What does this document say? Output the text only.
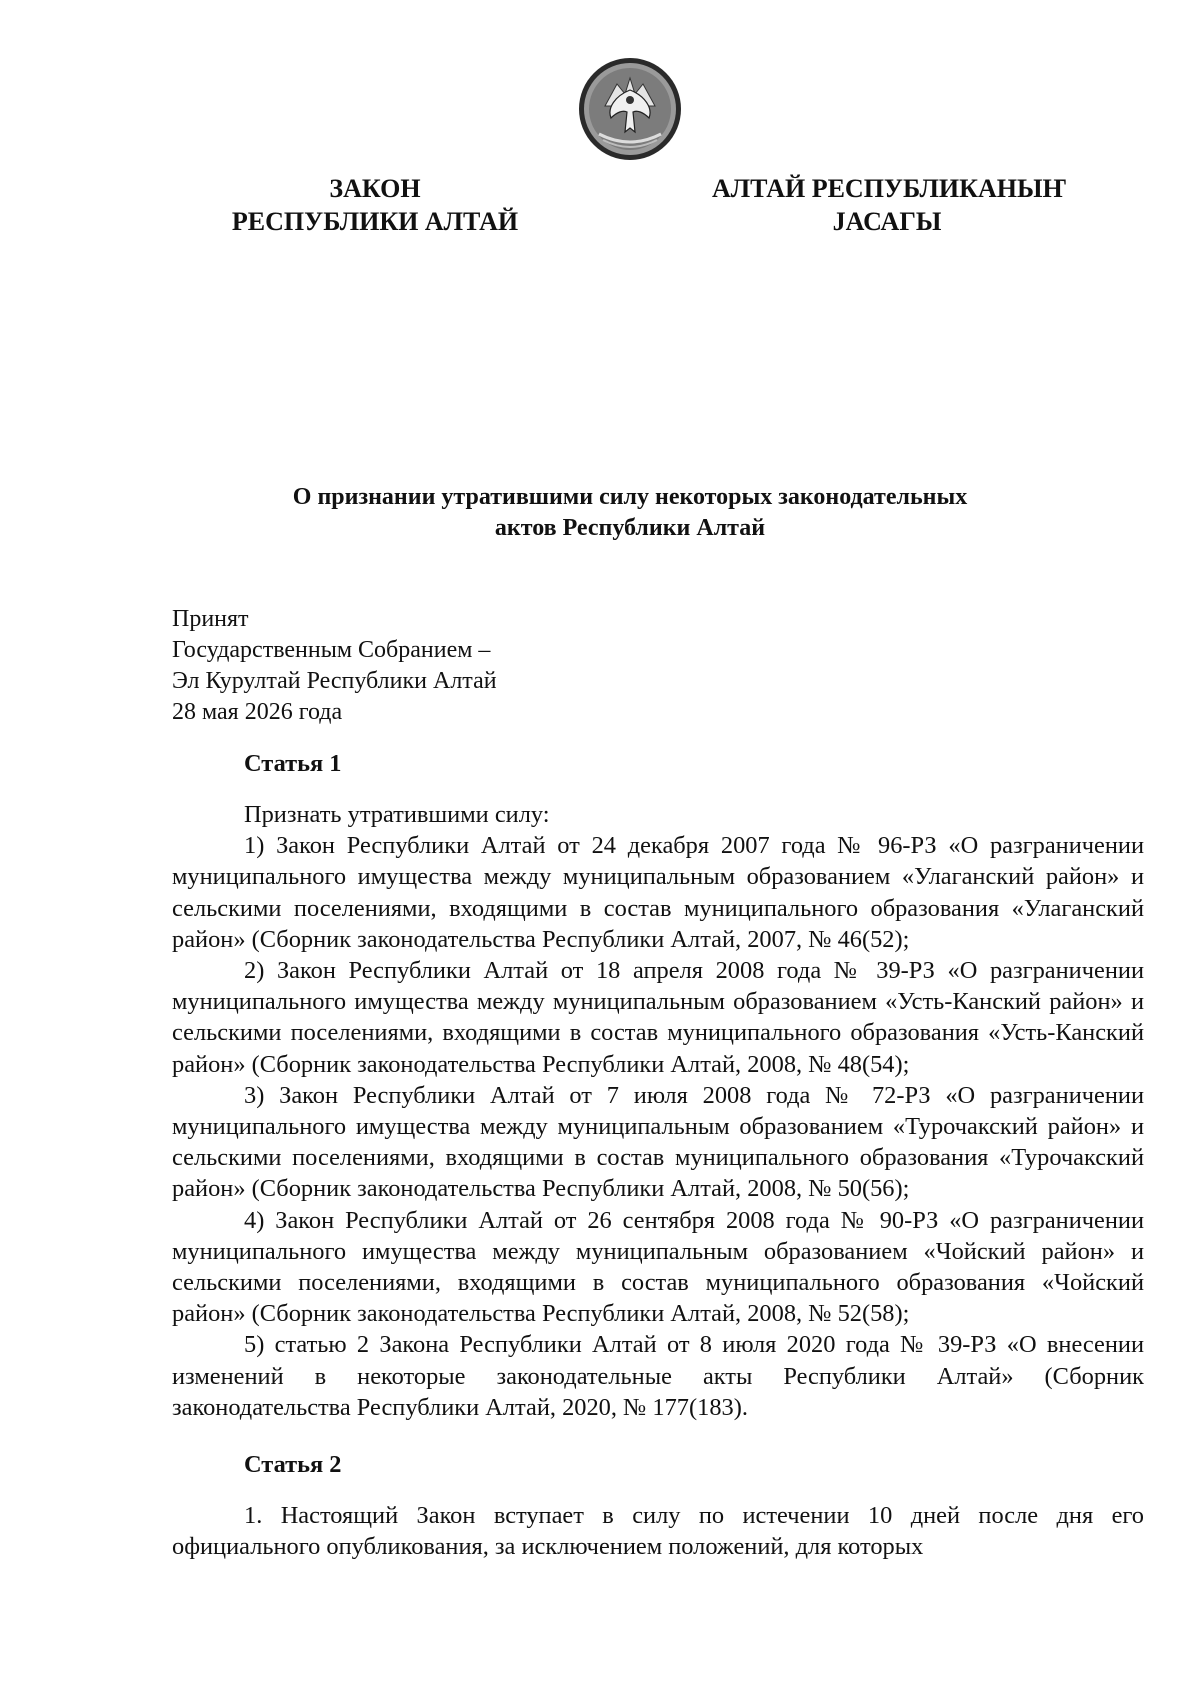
ЗАКОН
РЕСПУБЛИКИ АЛТАЙ
АЛТАЙ РЕСПУБЛИКАНЫҤ
ЈАСАГЫ
О признании утратившими силу некоторых законодательных
актов Республики Алтай
Принят
Государственным Собранием –
Эл Курултай Республики Алтай
28 мая 2026 года
Статья 1

Признать утратившими силу:

1) Закон Республики Алтай от 24 декабря 2007 года № 96-РЗ «О разграничении муниципального имущества между муниципальным образованием «Улаганский район» и сельскими поселениями, входящими в состав муниципального образования «Улаганский район» (Сборник законодательства Республики Алтай, 2007, № 46(52);

2) Закон Республики Алтай от 18 апреля 2008 года № 39-РЗ «О разграничении муниципального имущества между муниципальным образованием «Усть-Канский район» и сельскими поселениями, входящими в состав муниципального образования «Усть-Канский район» (Сборник законодательства Республики Алтай, 2008, № 48(54);

3) Закон Республики Алтай от 7 июля 2008 года № 72-РЗ «О разграничении муниципального имущества между муниципальным образованием «Турочакский район» и сельскими поселениями, входящими в состав муниципального образования «Турочакский район» (Сборник законодательства Республики Алтай, 2008, № 50(56);

4) Закон Республики Алтай от 26 сентября 2008 года № 90-РЗ «О разграничении муниципального имущества между муниципальным образованием «Чойский район» и сельскими поселениями, входящими в состав муниципального образования «Чойский район» (Сборник законодательства Республики Алтай, 2008, № 52(58);

5) статью 2 Закона Республики Алтай от 8 июля 2020 года № 39-РЗ «О внесении изменений в некоторые законодательные акты Республики Алтай» (Сборник законодательства Республики Алтай, 2020, № 177(183).

Статья 2

1. Настоящий Закон вступает в силу по истечении 10 дней после дня его официального опубликования, за исключением положений, для которых
